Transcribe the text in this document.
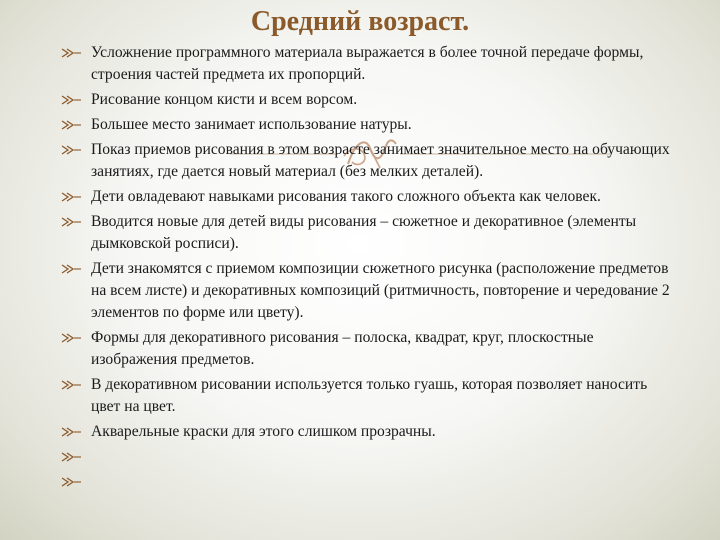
Средний возраст.
Усложнение программного материала выражается в более точной передаче формы, строения частей предмета их пропорций.
Рисование концом кисти и всем ворсом.
Большее место занимает использование натуры.
Показ приемов рисования в этом возрасте занимает значительное место на обучающих занятиях, где дается новый материал (без мелких деталей).
Дети овладевают навыками рисования такого сложного объекта как человек.
Вводится новые для детей виды рисования – сюжетное и декоративное (элементы дымковской росписи).
Дети знакомятся с приемом композиции сюжетного рисунка (расположение предметов на всем листе) и декоративных композиций (ритмичность, повторение и чередование 2 элементов по форме или цвету).
Формы для декоративного рисования – полоска, квадрат, круг, плоскостные изображения предметов.
В декоративном рисовании используется только гуашь, которая позволяет наносить цвет на цвет.
Акварельные краски для этого слишком прозрачны.
